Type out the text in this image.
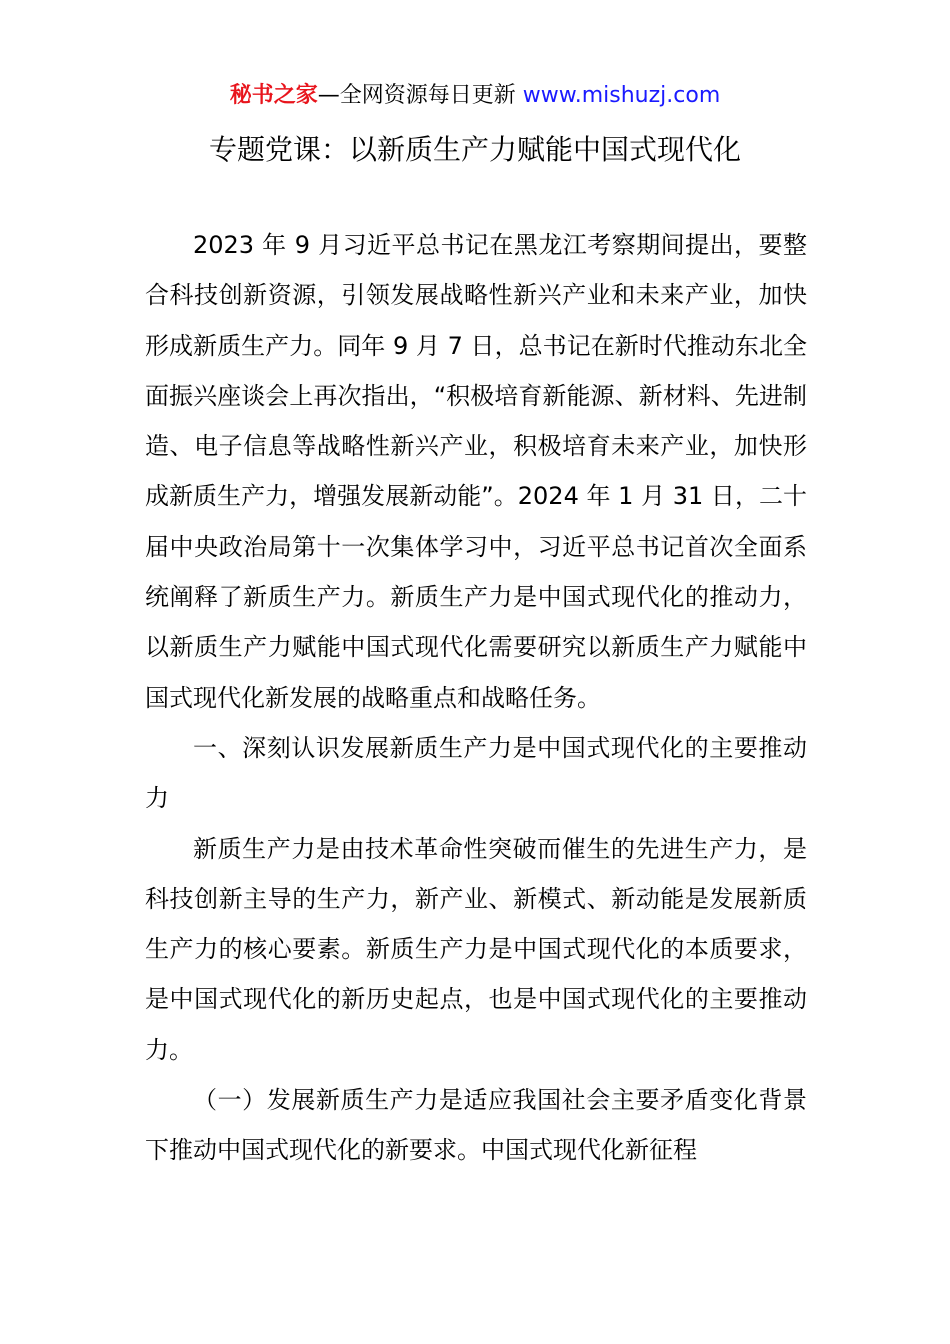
秘书之家—全网资源每日更新 www.mishuzj.com
专题党课：以新质生产力赋能中国式现代化

2023 年 9 月习近平总书记在黑龙江考察期间提出，要整合科技创新资源，引领发展战略性新兴产业和未来产业，加快形成新质生产力。同年 9 月 7 日，总书记在新时代推动东北全面振兴座谈会上再次指出，“积极培育新能源、新材料、先进制造、电子信息等战略性新兴产业，积极培育未来产业，加快形成新质生产力，增强发展新动能”。2024 年 1 月 31 日，二十届中央政治局第十一次集体学习中，习近平总书记首次全面系统阐释了新质生产力。新质生产力是中国式现代化的推动力，以新质生产力赋能中国式现代化需要研究以新质生产力赋能中国式现代化新发展的战略重点和战略任务。

一、深刻认识发展新质生产力是中国式现代化的主要推动力

新质生产力是由技术革命性突破而催生的先进生产力，是科技创新主导的生产力，新产业、新模式、新动能是发展新质生产力的核心要素。新质生产力是中国式现代化的本质要求，是中国式现代化的新历史起点，也是中国式现代化的主要推动力。

（一）发展新质生产力是适应我国社会主要矛盾变化背景下推动中国式现代化的新要求。中国式现代化新征程
